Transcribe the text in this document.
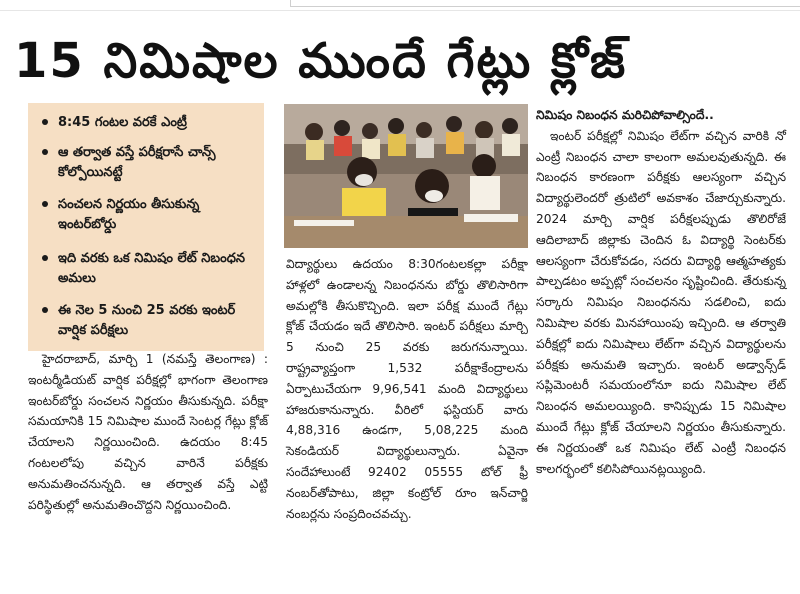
15 నిమిషాల ముందే గేట్లు క్లోజ్
8:45 గంటల వరకే ఎంట్రీ
ఆ తర్వాత వస్తే పరీక్షరాసే చాన్స్ కోల్పోయినట్టే
సంచలన నిర్ణయం తీసుకున్న ఇంటర్‌బోర్డు
ఇది వరకు ఒక నిమిషం లేట్ నిబంధన అమలు
ఈ నెల 5 నుంచి 25 వరకు ఇంటర్ వార్షిక పరీక్షలు

హైదరాబాద్, మార్చి 1 (నమస్తే తెలంగాణ) : ఇంటర్మీడియట్ వార్షిక పరీక్షల్లో భాగంగా తెలంగాణ ఇంటర్‌బోర్డు సంచలన నిర్ణయం తీసుకున్నది. పరీక్షా సమయానికి 15 నిమిషాల ముందే సెంటర్ల గేట్లు క్లోజ్ చేయాలని నిర్ణయించింది. ఉదయం 8:45 గంటలలోపు వచ్చిన వారినే పరీక్షకు అనుమతించనున్నది. ఆ తర్వాత వస్తే ఎట్టి పరిస్థితుల్లో అనుమతించొద్దని నిర్ణయించింది.

విద్యార్థులు ఉదయం 8:30గంటలకల్లా పరీక్షా హాళ్లలో ఉండాలన్న నిబంధనను బోర్డు తొలిసారిగా అమల్లోకి తీసుకొచ్చింది. ఇలా పరీక్ష ముందే గేట్లు క్లోజ్ చేయడం ఇదే తొలిసారి. ఇంటర్ పరీక్షలు మార్చి 5 నుంచి 25 వరకు జరుగనున్నాయి. రాష్ట్రవ్యాప్తంగా 1,532 పరీక్షాకేంద్రాలను ఏర్పాటుచేయగా 9,96,541 మంది విద్యార్థులు హాజరుకానున్నారు. వీరిలో ఫస్టియర్ వారు 4,88,316 ఉండగా, 5,08,225 మంది సెకండియర్ విద్యార్థులున్నారు. ఏవైనా సందేహాలుంటే 92402 05555 టోల్ ఫ్రీ నంబర్‌తోపాటు, జిల్లా కంట్రోల్ రూం ఇన్‌చార్జి నంబర్లను సంప్రదించవచ్చు.

నిమిషం నిబంధన మరిచిపోవాల్సిందే..

ఇంటర్ పరీక్షల్లో నిమిషం లేట్‌గా వచ్చిన వారికి నో ఎంట్రీ నిబంధన చాలా కాలంగా అమలవుతున్నది. ఈ నిబంధన కారణంగా పరీక్షకు ఆలస్యంగా వచ్చిన విద్యార్థులెందరో త్రుటిలో అవకాశం చేజార్చుకున్నారు. 2024 మార్చి వార్షిక పరీక్షలప్పుడు తొలిరోజే ఆదిలాబాద్ జిల్లాకు చెందిన ఓ విద్యార్థి సెంటర్‌కు ఆలస్యంగా చేరుకోవడం, సదరు విద్యార్థి ఆత్మహత్యకు పాల్పడటం అప్పట్లో సంచలనం సృష్టించింది. తేరుకున్న సర్కారు నిమిషం నిబంధనను సడలించి, ఐదు నిమిషాల వరకు మినహాయింపు ఇచ్చింది. ఆ తర్వాతి పరీక్షల్లో ఐదు నిమిషాలు లేట్‌గా వచ్చిన విద్యార్థులను పరీక్షకు అనుమతి ఇచ్చారు. ఇంటర్ అడ్వాన్స్‌డ్ సప్లిమెంటరీ సమయంలోనూ ఐదు నిమిషాల లేట్ నిబంధన అమలయ్యింది. కానిప్పుడు 15 నిమిషాల ముందే గేట్లు క్లోజ్ చేయాలని నిర్ణయం తీసుకున్నారు. ఈ నిర్ణయంతో ఒక నిమిషం లేట్ ఎంట్రీ నిబంధన కాలగర్భంలో కలిసిపోయినట్లయ్యింది.
